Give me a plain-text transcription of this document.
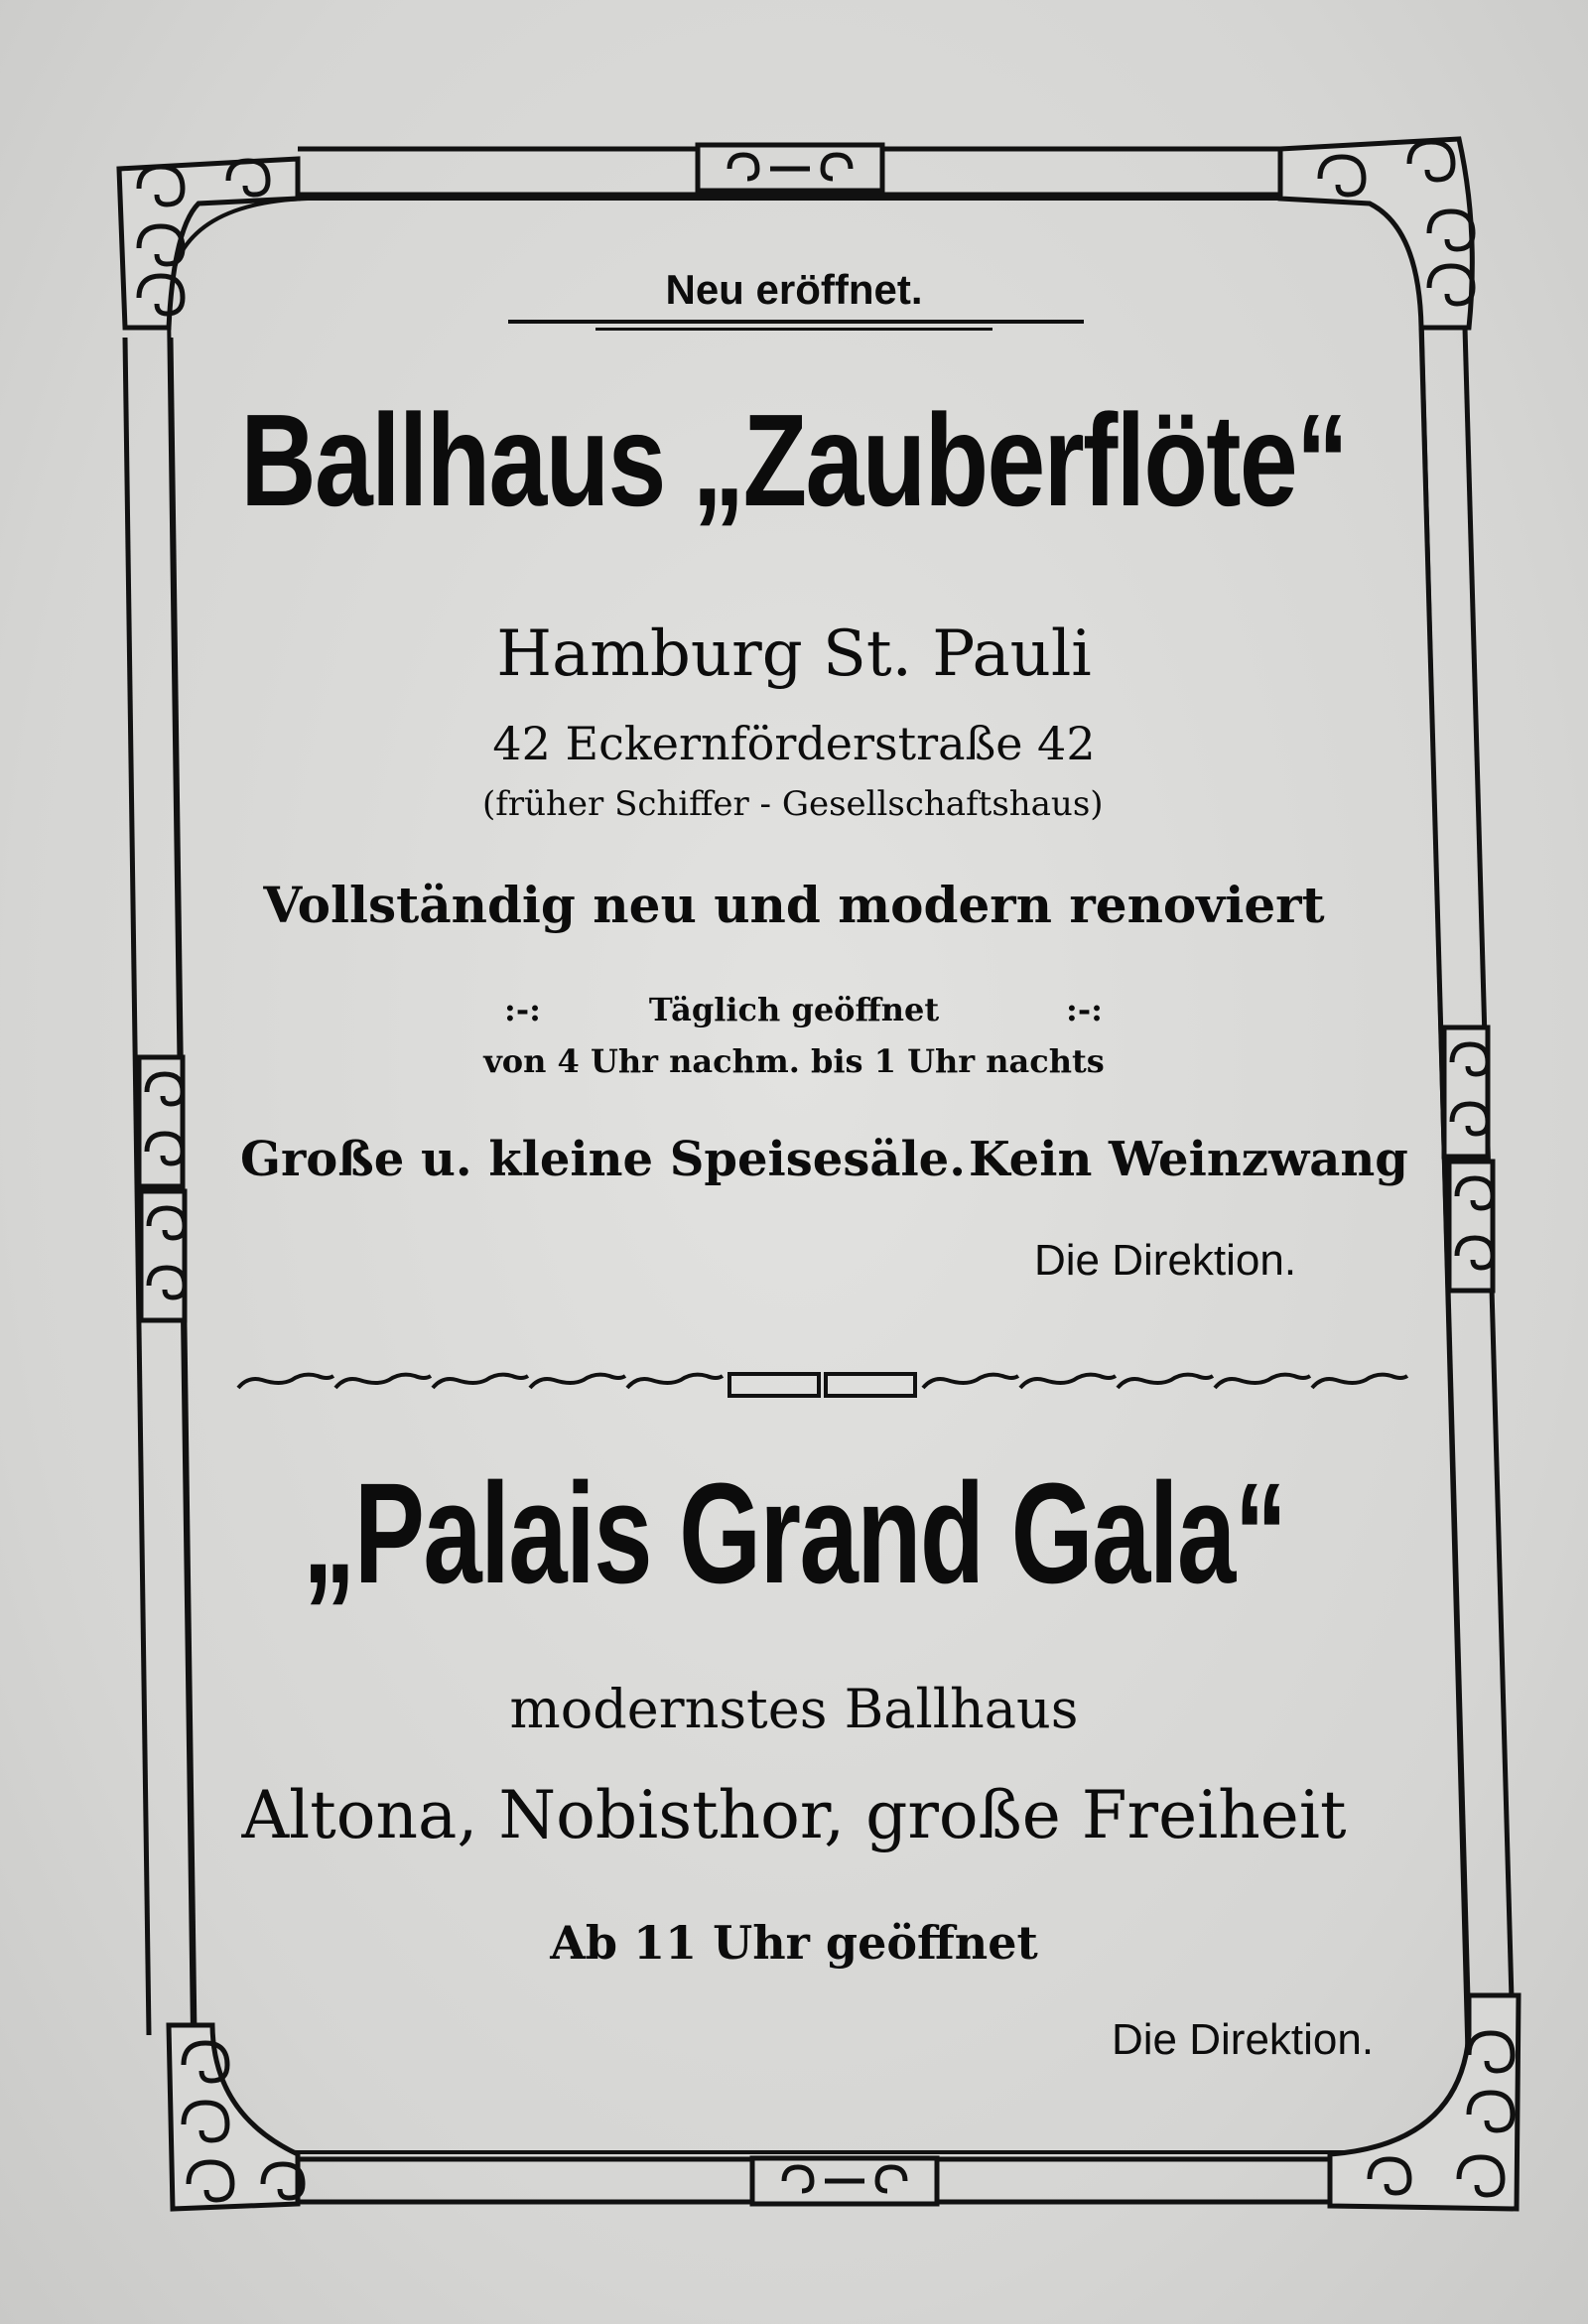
Neu eröffnet.
Ballhaus „Zauberflöte“
Hamburg St. Pauli
42 Eckernförderstraße 42
(früher Schiffer - Gesellschaftshaus)
Vollständig neu und modern renoviert
:-:	Täglich geöffnet	:-:
von 4 Uhr nachm. bis 1 Uhr nachts
Große u. kleine Speisesäle. Kein Weinzwang
Die Direktion.
„Palais Grand Gala“
modernstes Ballhaus
Altona, Nobisthor, große Freiheit
Ab 11 Uhr geöffnet
Die Direktion.
